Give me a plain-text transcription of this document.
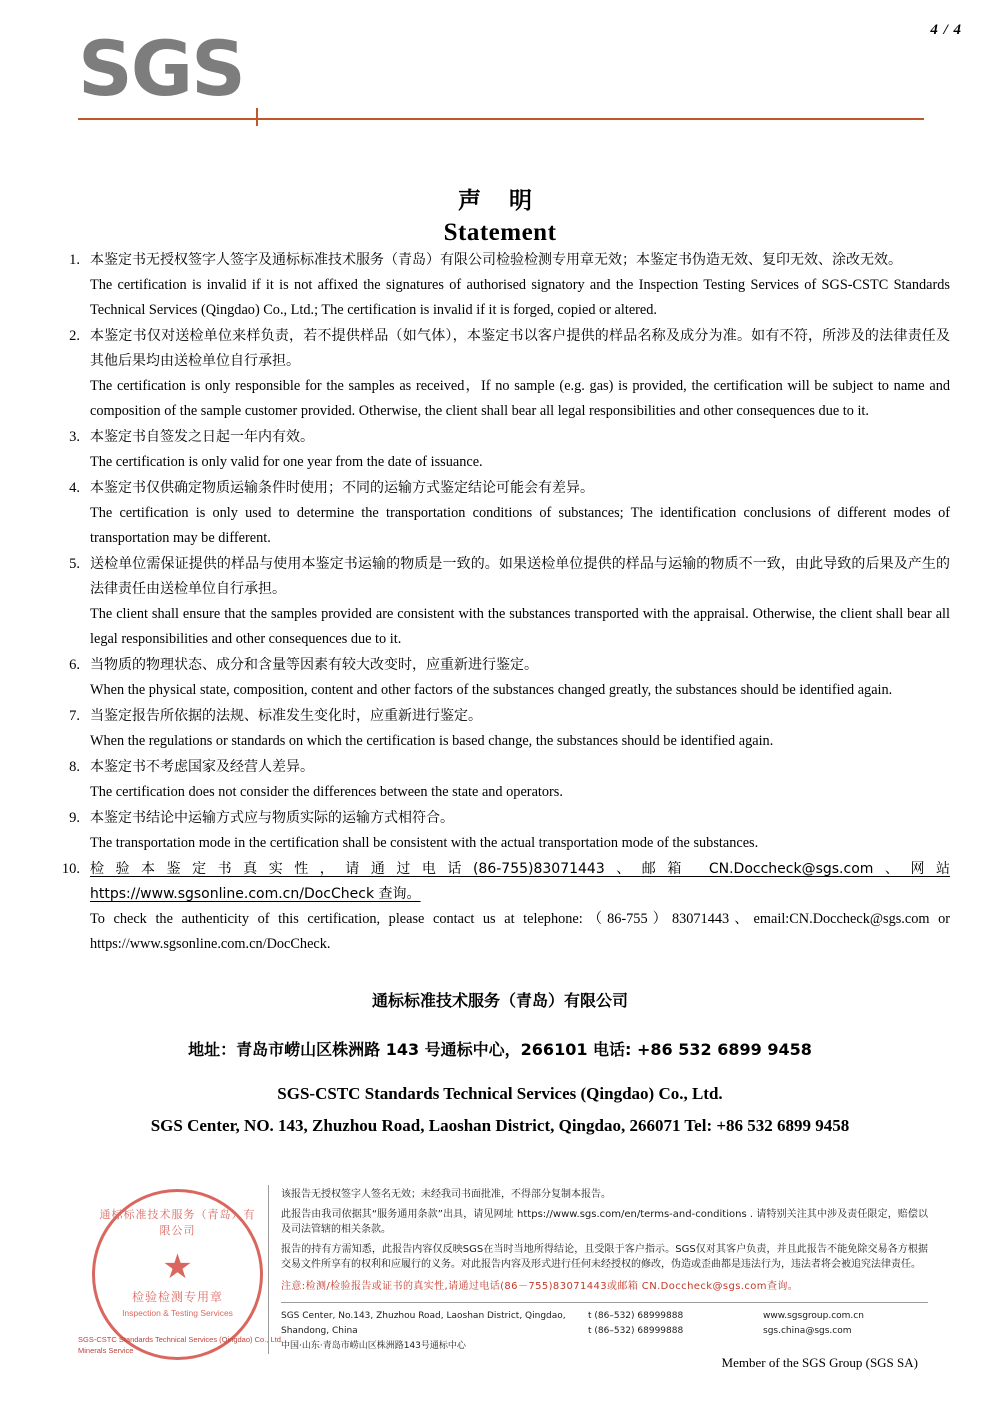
4 / 4
SGS
声 明
Statement
1. 本鉴定书无授权签字人签字及通标标准技术服务（青岛）有限公司检验检测专用章无效；本鉴定书伪造无效、复印无效、涂改无效。
The certification is invalid if it is not affixed the signatures of authorised signatory and the Inspection Testing Services of SGS-CSTC Standards Technical Services (Qingdao) Co., Ltd.; The certification is invalid if it is forged, copied or altered.
2. 本鉴定书仅对送检单位来样负责，若不提供样品（如气体），本鉴定书以客户提供的样品名称及成分为准。如有不符，所涉及的法律责任及其他后果均由送检单位自行承担。
The certification is only responsible for the samples as received，If no sample (e.g. gas) is provided, the certification will be subject to name and composition of the sample customer provided. Otherwise, the client shall bear all legal responsibilities and other consequences due to it.
3. 本鉴定书自签发之日起一年内有效。
The certification is only valid for one year from the date of issuance.
4. 本鉴定书仅供确定物质运输条件时使用；不同的运输方式鉴定结论可能会有差异。
The certification is only used to determine the transportation conditions of substances; The identification conclusions of different modes of transportation may be different.
5. 送检单位需保证提供的样品与使用本鉴定书运输的物质是一致的。如果送检单位提供的样品与运输的物质不一致，由此导致的后果及产生的法律责任由送检单位自行承担。
The client shall ensure that the samples provided are consistent with the substances transported with the appraisal. Otherwise, the client shall bear all legal responsibilities and other consequences due to it.
6. 当物质的物理状态、成分和含量等因素有较大改变时，应重新进行鉴定。
When the physical state, composition, content and other factors of the substances changed greatly, the substances should be identified again.
7. 当鉴定报告所依据的法规、标准发生变化时，应重新进行鉴定。
When the regulations or standards on which the certification is based change, the substances should be identified again.
8. 本鉴定书不考虑国家及经营人差异。
The certification does not consider the differences between the state and operators.
9. 本鉴定书结论中运输方式应与物质实际的运输方式相符合。
The transportation mode in the certification shall be consistent with the actual transportation mode of the substances.
10. 检验本鉴定书真实性，请通过电话(86-755)83071443、邮箱 CN.Doccheck@sgs.com、网站 https://www.sgsonline.com.cn/DocCheck 查询。
To check the authenticity of this certification, please contact us at telephone:（86-755）83071443、email:CN.Doccheck@sgs.com or https://www.sgsonline.com.cn/DocCheck.
通标标准技术服务（青岛）有限公司
地址：青岛市崂山区株洲路 143 号通标中心，266101 电话: +86 532 6899 9458
SGS-CSTC Standards Technical Services (Qingdao) Co., Ltd.
SGS Center, NO. 143, Zhuzhou Road, Laoshan District, Qingdao, 266071 Tel: +86 532 6899 9458
通标标准技术服务（青岛）有限公司
★
检验检测专用章
Inspection & Testing Services
SGS-CSTC Standards Technical Services (Qingdao) Co., Ltd.
Minerals Service
该报告无授权签字人签名无效；未经我司书面批准，不得部分复制本报告。
此报告由我司依据其“服务通用条款”出具，请见网址 https://www.sgs.com/en/terms-and-conditions . 请特别关注其中涉及责任限定，赔偿以及司法管辖的相关条款。
报告的持有方需知悉，此报告内容仅反映SGS在当时当地所得结论，且受限于客户指示。SGS仅对其客户负责，并且此报告不能免除交易各方根据交易文件所享有的权利和应履行的义务。对此报告内容及形式进行任何未经授权的修改，伪造或歪曲都是违法行为，违法者将会被追究法律责任。
注意:检测/检验报告或证书的真实性,请通过电话(86－755)83071443或邮箱 CN.Doccheck@sgs.com查询。
SGS Center, No.143, Zhuzhou Road, Laoshan District, Qingdao, Shandong, China
中国·山东·青岛市崂山区株洲路143号通标中心
t (86–532) 68999888
t (86–532) 68999888
www.sgsgroup.com.cn
sgs.china@sgs.com
Member of the SGS Group (SGS SA)
